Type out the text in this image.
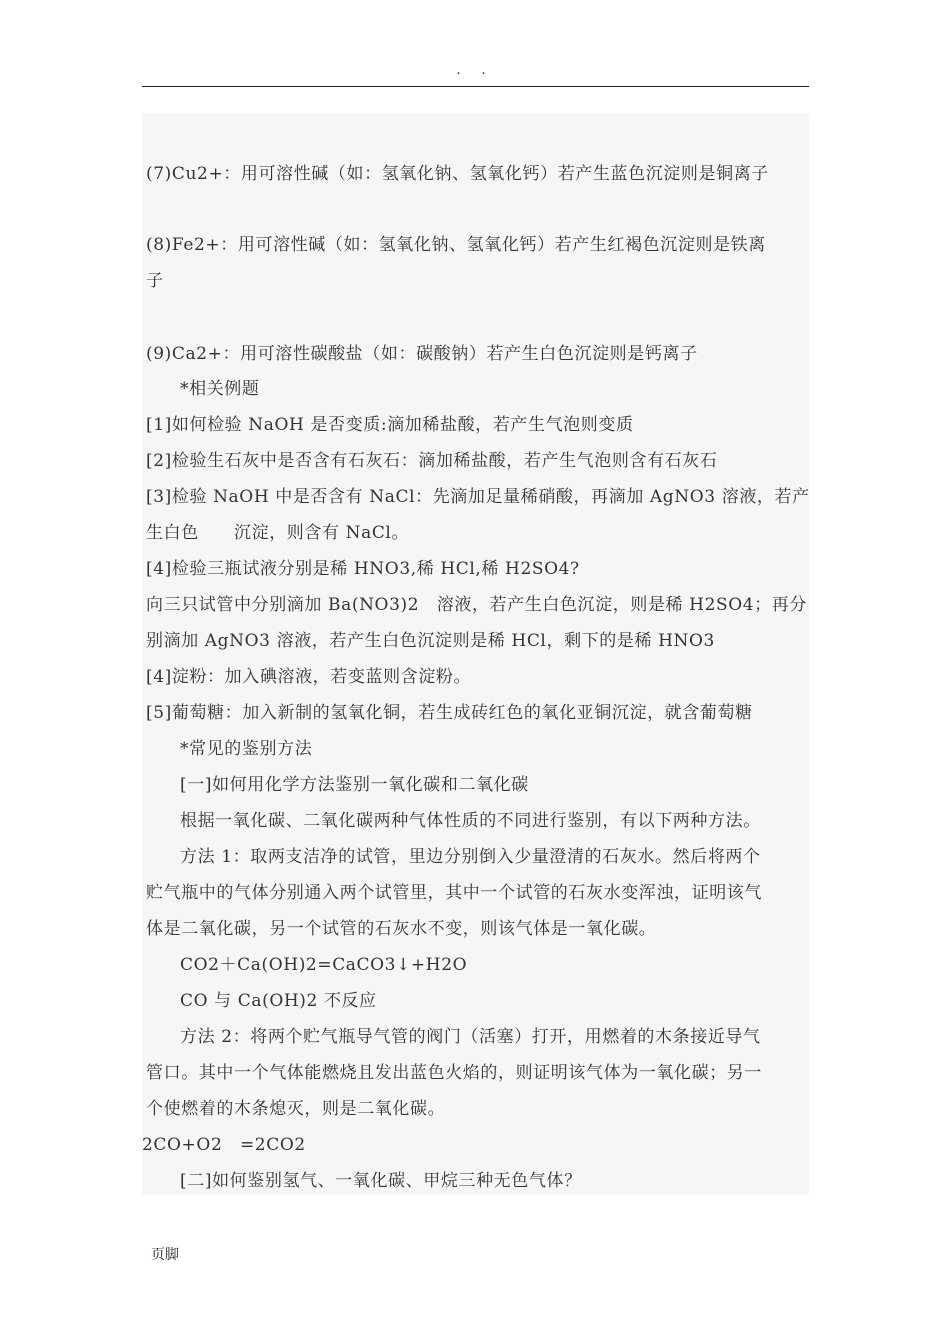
. .
(7)Cu2+：用可溶性碱（如：氢氧化钠、氢氧化钙）若产生蓝色沉淀则是铜离子
(8)Fe2+：用可溶性碱（如：氢氧化钠、氢氧化钙）若产生红褐色沉淀则是铁离
子
(9)Ca2+：用可溶性碳酸盐（如：碳酸钠）若产生白色沉淀则是钙离子
*相关例题
[1]如何检验 NaOH 是否变质:滴加稀盐酸，若产生气泡则变质
[2]检验生石灰中是否含有石灰石：滴加稀盐酸，若产生气泡则含有石灰石
[3]检验 NaOH 中是否含有 NaCl：先滴加足量稀硝酸，再滴加 AgNO3 溶液，若产
生白色　　沉淀，则含有 NaCl。
[4]检验三瓶试液分别是稀 HNO3,稀 HCl,稀 H2SO4?
向三只试管中分别滴加 Ba(NO3)2　溶液，若产生白色沉淀，则是稀 H2SO4；再分
别滴加 AgNO3 溶液，若产生白色沉淀则是稀 HCl，剩下的是稀 HNO3
[4]淀粉：加入碘溶液，若变蓝则含淀粉。
[5]葡萄糖：加入新制的氢氧化铜，若生成砖红色的氧化亚铜沉淀，就含葡萄糖
*常见的鉴别方法
[一]如何用化学方法鉴别一氧化碳和二氧化碳
根据一氧化碳、二氧化碳两种气体性质的不同进行鉴别，有以下两种方法。
方法 1：取两支洁净的试管，里边分别倒入少量澄清的石灰水。然后将两个
贮气瓶中的气体分别通入两个试管里，其中一个试管的石灰水变浑浊，证明该气
体是二氧化碳，另一个试管的石灰水不变，则该气体是一氧化碳。
CO2＋Ca(OH)2=CaCO3↓+H2O
CO 与 Ca(OH)2 不反应
方法 2：将两个贮气瓶导气管的阀门（活塞）打开，用燃着的木条接近导气
管口。其中一个气体能燃烧且发出蓝色火焰的，则证明该气体为一氧化碳；另一
个使燃着的木条熄灭，则是二氧化碳。
2CO+O2　=2CO2
[二]如何鉴别氢气、一氧化碳、甲烷三种无色气体？
页脚
